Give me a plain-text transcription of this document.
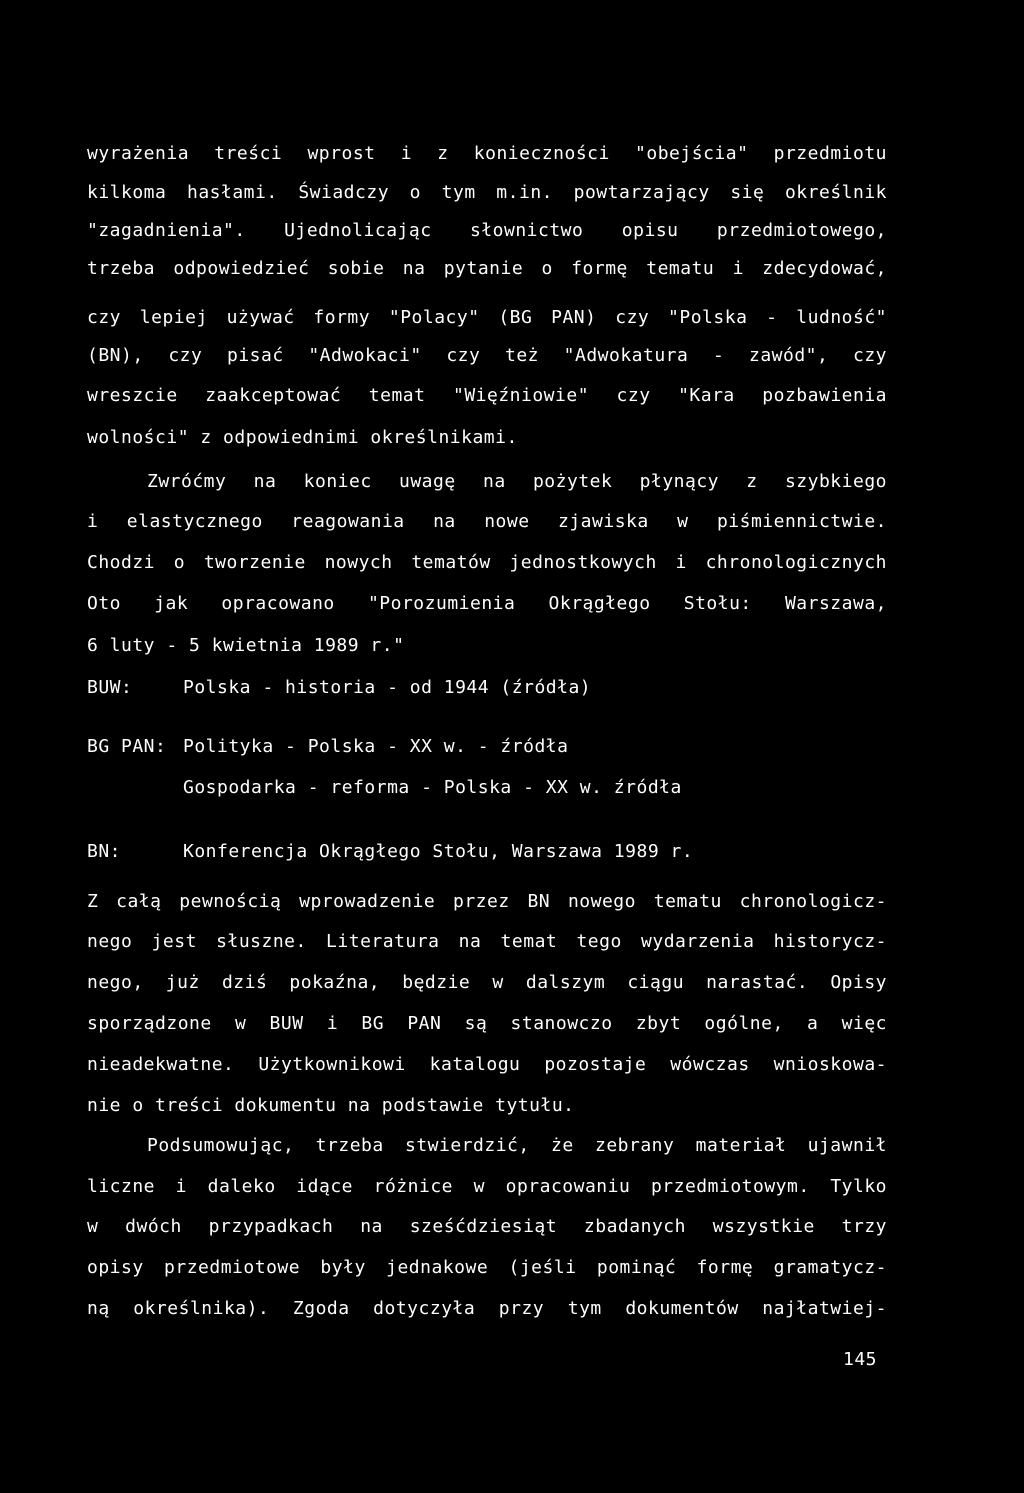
wyrażenia treści wprost i z konieczności "obejścia" przedmiotu
kilkoma hasłami. Świadczy o tym m.in. powtarzający się określnik
"zagadnienia". Ujednolicając słownictwo opisu przedmiotowego,
trzeba odpowiedzieć sobie na pytanie o formę tematu i zdecydować,
czy lepiej używać formy "Polacy" (BG PAN) czy "Polska - ludność"
(BN), czy pisać "Adwokaci" czy też "Adwokatura - zawód", czy
wreszcie zaakceptować temat "Więźniowie" czy "Kara pozbawienia
wolności" z odpowiednimi określnikami.
Zwróćmy na koniec uwagę na pożytek płynący z szybkiego
i elastycznego reagowania na nowe zjawiska w piśmiennictwie.
Chodzi o tworzenie nowych tematów jednostkowych i chronologicznych
Oto jak opracowano "Porozumienia Okrągłego Stołu: Warszawa,
6 luty - 5 kwietnia 1989 r."
BUW:	Polska - historia - od 1944 (źródła)
BG PAN: Polityka - Polska - XX w. - źródła
Gospodarka - reforma - Polska - XX w. źródła
BN:	Konferencja Okrągłego Stołu, Warszawa 1989 r.
Z całą pewnością wprowadzenie przez BN nowego tematu chronologicz-
nego jest słuszne. Literatura na temat tego wydarzenia historycz-
nego, już dziś pokaźna, będzie w dalszym ciągu narastać. Opisy
sporządzone w BUW i BG PAN są stanowczo zbyt ogólne, a więc
nieadekwatne. Użytkownikowi katalogu pozostaje wówczas wnioskowa-
nie o treści dokumentu na podstawie tytułu.
Podsumowując, trzeba stwierdzić, że zebrany materiał ujawnił
liczne i daleko idące różnice w opracowaniu przedmiotowym. Tylko
w dwóch przypadkach na sześćdziesiąt zbadanych wszystkie trzy
opisy przedmiotowe były jednakowe (jeśli pominąć formę gramatycz-
ną określnika). Zgoda dotyczyła przy tym dokumentów najłatwiej-
145
